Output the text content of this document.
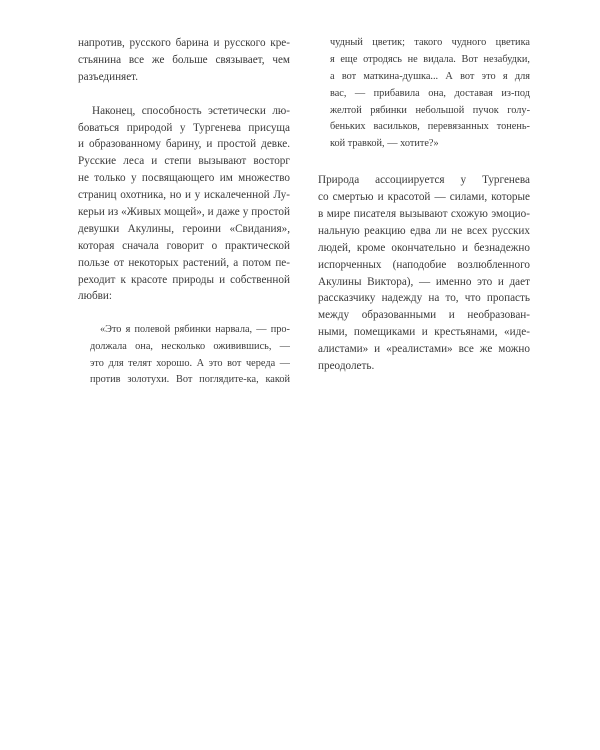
напротив, русского барина и русского кре-
стьянина все же больше связывает, чем
разъединяет.
Наконец, способность эстетически лю-
боваться природой у Тургенева присуща
и образованному барину, и простой девке.
Русские леса и степи вызывают восторг
не только у посвящающего им множество
страниц охотника, но и у искалеченной Лу-
керьи из «Живых мощей», и даже у простой
девушки Акулины, героини «Свидания»,
которая сначала говорит о практической
пользе от некоторых растений, а потом пе-
реходит к красоте природы и собственной
любви:
«Это я полевой рябинки нарвала, — про-
должала она, несколько оживившись, —
это для телят хорошо. А это вот череда —
против золотухи. Вот поглядите-ка, какой
чудный цветик; такого чудного цветика
я еще отродясь не видала. Вот незабудки,
а вот маткина-душка... А вот это я для
вас, — прибавила она, доставая из-под
желтой рябинки небольшой пучок голу-
беньких васильков, перевязанных тонень-
кой травкой, — хотите?»
Природа ассоциируется у Тургенева
со смертью и красотой — силами, которые
в мире писателя вызывают схожую эмоцио-
нальную реакцию едва ли не всех русских
людей, кроме окончательно и безнадежно
испорченных (наподобие возлюбленного
Акулины Виктора), — именно это и дает
рассказчику надежду на то, что пропасть
между образованными и необразован-
ными, помещиками и крестьянами, «иде-
алистами» и «реалистами» все же можно
преодолеть.
